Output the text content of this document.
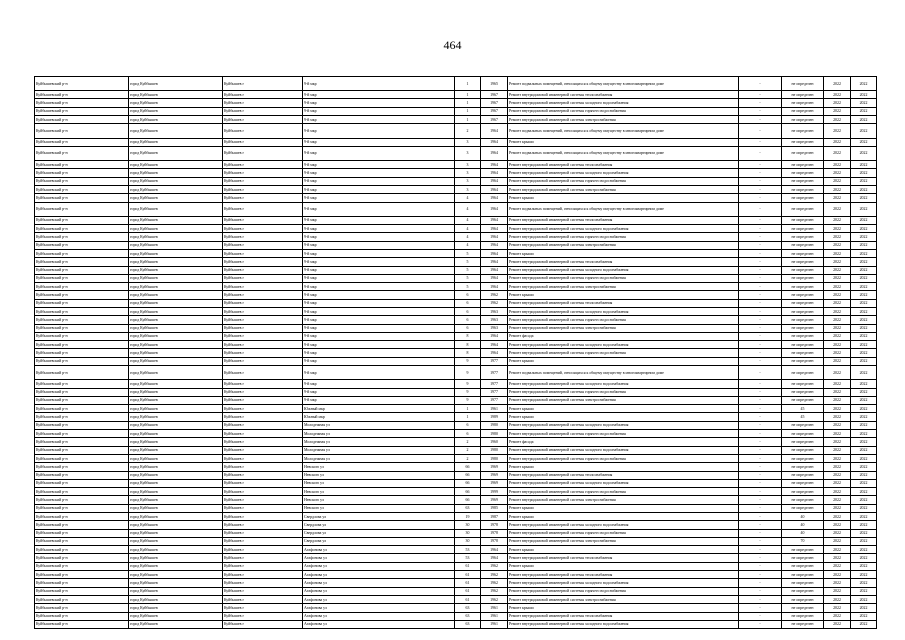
464
Куйбышевский р-н	город Куйбышев	Куйбышев г	9-й мкр	1	1965	Ремонт подвальных помещений, относящихся к общему имуществу в многоквартирном доме	-	не определен	2022	2022
Куйбышевский р-н	город Куйбышев	Куйбышев г	9-й мкр	1	1967	Ремонт внутридомовой инженерной системы теплоснабжения	-	не определен	2022	2022
Куйбышевский р-н	город Куйбышев	Куйбышев г	9-й мкр	1	1967	Ремонт внутридомовой инженерной системы холодного водоснабжения	-	не определен	2022	2022
Куйбышевский р-н	город Куйбышев	Куйбышев г	9-й мкр	1	1967	Ремонт внутридомовой инженерной системы горячего водоснабжения	-	не определен	2022	2022
Куйбышевский р-н	город Куйбышев	Куйбышев г	9-й мкр	1	1967	Ремонт внутридомовой инженерной системы электроснабжения	-	не определен	2022	2022
Куйбышевский р-н	город Куйбышев	Куйбышев г	9-й мкр	2	1964	Ремонт подвальных помещений, относящихся к общему имуществу в многоквартирном доме	-	не определен	2022	2022
Куйбышевский р-н	город Куйбышев	Куйбышев г	9-й мкр	3	1964	Ремонт крыши	-	не определен	2022	2022
Куйбышевский р-н	город Куйбышев	Куйбышев г	9-й мкр	3	1964	Ремонт подвальных помещений, относящихся к общему имуществу в многоквартирном доме	-	не определен	2022	2022
Куйбышевский р-н	город Куйбышев	Куйбышев г	9-й мкр	3	1964	Ремонт внутридомовой инженерной системы теплоснабжения	-	не определен	2022	2022
Куйбышевский р-н	город Куйбышев	Куйбышев г	9-й мкр	3	1964	Ремонт внутридомовой инженерной системы холодного водоснабжения	-	не определен	2022	2022
Куйбышевский р-н	город Куйбышев	Куйбышев г	9-й мкр	3	1964	Ремонт внутридомовой инженерной системы горячего водоснабжения	-	не определен	2022	2022
Куйбышевский р-н	город Куйбышев	Куйбышев г	9-й мкр	3	1964	Ремонт внутридомовой инженерной системы электроснабжения	-	не определен	2022	2022
Куйбышевский р-н	город Куйбышев	Куйбышев г	9-й мкр	4	1964	Ремонт крыши	-	не определен	2022	2022
Куйбышевский р-н	город Куйбышев	Куйбышев г	9-й мкр	4	1964	Ремонт подвальных помещений, относящихся к общему имуществу в многоквартирном доме	-	не определен	2022	2022
Куйбышевский р-н	город Куйбышев	Куйбышев г	9-й мкр	4	1964	Ремонт внутридомовой инженерной системы теплоснабжения	-	не определен	2022	2022
Куйбышевский р-н	город Куйбышев	Куйбышев г	9-й мкр	4	1964	Ремонт внутридомовой инженерной системы холодного водоснабжения	-	не определен	2022	2022
Куйбышевский р-н	город Куйбышев	Куйбышев г	9-й мкр	4	1964	Ремонт внутридомовой инженерной системы горячего водоснабжения	-	не определен	2022	2022
Куйбышевский р-н	город Куйбышев	Куйбышев г	9-й мкр	4	1964	Ремонт внутридомовой инженерной системы электроснабжения	-	не определен	2022	2022
Куйбышевский р-н	город Куйбышев	Куйбышев г	9-й мкр	5	1964	Ремонт крыши	-	не определен	2022	2022
Куйбышевский р-н	город Куйбышев	Куйбышев г	9-й мкр	5	1964	Ремонт внутридомовой инженерной системы теплоснабжения	-	не определен	2022	2022
Куйбышевский р-н	город Куйбышев	Куйбышев г	9-й мкр	5	1964	Ремонт внутридомовой инженерной системы холодного водоснабжения	-	не определен	2022	2022
Куйбышевский р-н	город Куйбышев	Куйбышев г	9-й мкр	5	1964	Ремонт внутридомовой инженерной системы горячего водоснабжения	-	не определен	2022	2022
Куйбышевский р-н	город Куйбышев	Куйбышев г	9-й мкр	5	1964	Ремонт внутридомовой инженерной системы электроснабжения	-	не определен	2022	2022
Куйбышевский р-н	город Куйбышев	Куйбышев г	9-й мкр	6	1962	Ремонт крыши	-	не определен	2022	2022
Куйбышевский р-н	город Куйбышев	Куйбышев г	9-й мкр	6	1962	Ремонт внутридомовой инженерной системы теплоснабжения	-	не определен	2022	2022
Куйбышевский р-н	город Куйбышев	Куйбышев г	9-й мкр	6	1963	Ремонт внутридомовой инженерной системы холодного водоснабжения	-	не определен	2022	2022
Куйбышевский р-н	город Куйбышев	Куйбышев г	9-й мкр	6	1963	Ремонт внутридомовой инженерной системы горячего водоснабжения	-	не определен	2022	2022
Куйбышевский р-н	город Куйбышев	Куйбышев г	9-й мкр	6	1963	Ремонт внутридомовой инженерной системы электроснабжения	-	не определен	2022	2022
Куйбышевский р-н	город Куйбышев	Куйбышев г	9-й мкр	8	1964	Ремонт фасада	-	не определен	2022	2022
Куйбышевский р-н	город Куйбышев	Куйбышев г	9-й мкр	8	1964	Ремонт внутридомовой инженерной системы холодного водоснабжения	-	не определен	2022	2022
Куйбышевский р-н	город Куйбышев	Куйбышев г	9-й мкр	8	1964	Ремонт внутридомовой инженерной системы горячего водоснабжения	-	не определен	2022	2022
Куйбышевский р-н	город Куйбышев	Куйбышев г	9-й мкр	9	1977	Ремонт крыши	-	не определен	2022	2022
Куйбышевский р-н	город Куйбышев	Куйбышев г	9-й мкр	9	1977	Ремонт подвальных помещений, относящихся к общему имуществу в многоквартирном доме	-	не определен	2022	2022
Куйбышевский р-н	город Куйбышев	Куйбышев г	9-й мкр	9	1977	Ремонт внутридомовой инженерной системы холодного водоснабжения	-	не определен	2022	2022
Куйбышевский р-н	город Куйбышев	Куйбышев г	9-й мкр	9	1977	Ремонт внутридомовой инженерной системы горячего водоснабжения	-	не определен	2022	2022
Куйбышевский р-н	город Куйбышев	Куйбышев г	9-й мкр	9	1977	Ремонт внутридомовой инженерной системы электроснабжения	-	не определен	2022	2022
Куйбышевский р-н	город Куйбышев	Куйбышев г	Южный мкр	1	1961	Ремонт крыши	-	45	2022	2022
Куйбышевский р-н	город Куйбышев	Куйбышев г	Южный мкр	1	1989	Ремонт крыши	-	45	2022	2022
Куйбышевский р-н	город Куйбышев	Куйбышев г	Молодежная ул	6	1980	Ремонт внутридомовой инженерной системы холодного водоснабжения	-	не определен	2022	2022
Куйбышевский р-н	город Куйбышев	Куйбышев г	Молодежная ул	6	1980	Ремонт внутридомовой инженерной системы горячего водоснабжения	-	не определен	2022	2022
Куйбышевский р-н	город Куйбышев	Куйбышев г	Молодежная ул	2	1960	Ремонт фасада	-	не определен	2022	2022
Куйбышевский р-н	город Куйбышев	Куйбышев г	Молодежная ул	2	1980	Ремонт внутридомовой инженерной системы холодного водоснабжения	-	не определен	2022	2022
Куйбышевский р-н	город Куйбышев	Куйбышев г	Молодежная ул	2	1980	Ремонт внутридомовой инженерной системы горячего водоснабжения	-	не определен	2022	2022
Куйбышевский р-н	город Куйбышев	Куйбышев г	Невского ул	66	1969	Ремонт крыши	-	не определен	2022	2022
Куйбышевский р-н	город Куйбышев	Куйбышев г	Невского ул	66	1969	Ремонт внутридомовой инженерной системы теплоснабжения	-	не определен	2022	2022
Куйбышевский р-н	город Куйбышев	Куйбышев г	Невского ул	66	1969	Ремонт внутридомовой инженерной системы холодного водоснабжения	-	не определен	2022	2022
Куйбышевский р-н	город Куйбышев	Куйбышев г	Невского ул	66	1999	Ремонт внутридомовой инженерной системы горячего водоснабжения	-	не определен	2022	2022
Куйбышевский р-н	город Куйбышев	Куйбышев г	Невского ул	66	1969	Ремонт внутридомовой инженерной системы электроснабжения	-	не определен	2022	2022
Куйбышевский р-н	город Куйбышев	Куйбышев г	Невского ул	63	1985	Ремонт крыши	-	не определен	2022	2022
Куйбышевский р-н	город Куйбышев	Куйбышев г	Свердлова ул	19	1987	Ремонт крыши	-	40	2022	2022
Куйбышевский р-н	город Куйбышев	Куйбышев г	Свердлова ул	30	1978	Ремонт внутридомовой инженерной системы холодного водоснабжения	-	40	2022	2022
Куйбышевский р-н	город Куйбышев	Куйбышев г	Свердлова ул	30	1978	Ремонт внутридомовой инженерной системы горячего водоснабжения	-	40	2022	2022
Куйбышевский р-н	город Куйбышев	Куйбышев г	Свердлова ул	30	1978	Ремонт внутридомовой инженерной системы электроснабжения	-	70	2022	2022
Куйбышевский р-н	город Куйбышев	Куйбышев г	Агафонова ул	53	1964	Ремонт крыши	-	не определен	2022	2022
Куйбышевский р-н	город Куйбышев	Куйбышев г	Агафонова ул	53	1964	Ремонт внутридомовой инженерной системы теплоснабжения	-	не определен	2022	2022
Куйбышевский р-н	город Куйбышев	Куйбышев г	Агафонова ул	61	1962	Ремонт крыши	-	не определен	2022	2022
Куйбышевский р-н	город Куйбышев	Куйбышев г	Агафонова ул	61	1962	Ремонт внутридомовой инженерной системы теплоснабжения	-	не определен	2022	2022
Куйбышевский р-н	город Куйбышев	Куйбышев г	Агафонова ул	61	1962	Ремонт внутридомовой инженерной системы холодного водоснабжения	-	не определен	2022	2022
Куйбышевский р-н	город Куйбышев	Куйбышев г	Агафонова ул	61	1962	Ремонт внутридомовой инженерной системы горячего водоснабжения	-	не определен	2022	2022
Куйбышевский р-н	город Куйбышев	Куйбышев г	Агафонова ул	61	1962	Ремонт внутридомовой инженерной системы электроснабжения	-	не определен	2022	2022
Куйбышевский р-н	город Куйбышев	Куйбышев г	Агафонова ул	63	1961	Ремонт крыши	-	не определен	2022	2022
Куйбышевский р-н	город Куйбышев	Куйбышев г	Агафонова ул	63	1961	Ремонт внутридомовой инженерной системы теплоснабжения	-	не определен	2022	2022
Куйбышевский р-н	город Куйбышев	Куйбышев г	Агафонова ул	63	1961	Ремонт внутридомовой инженерной системы холодного водоснабжения	-	не определен	2022	2022
